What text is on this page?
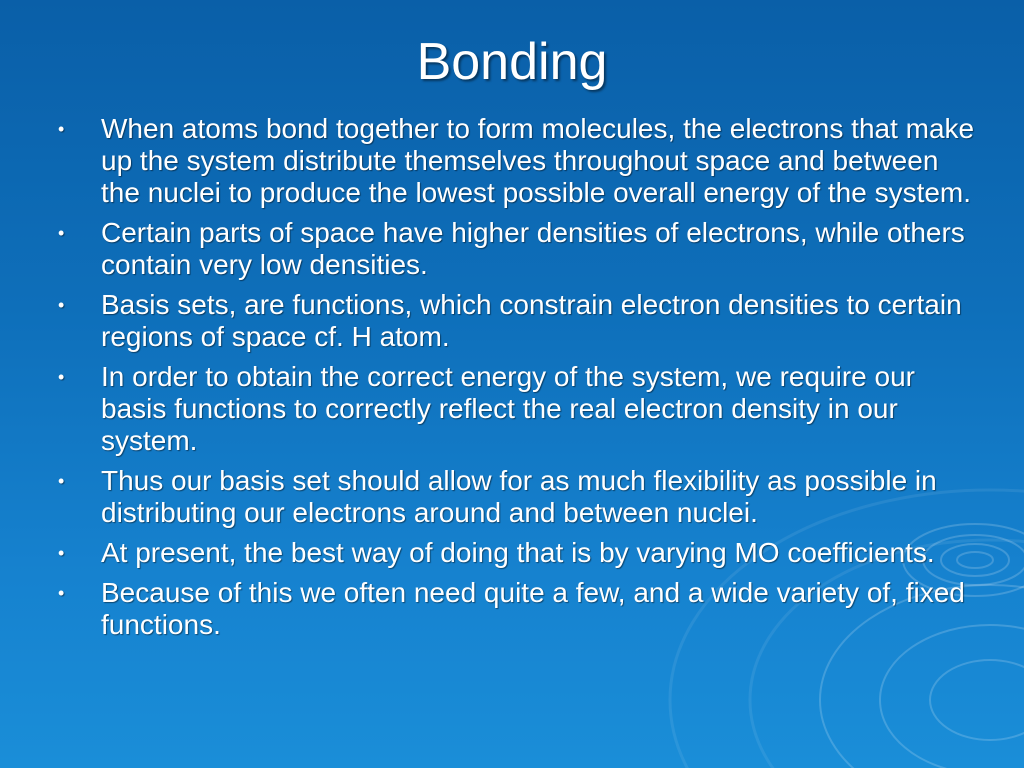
Bonding
• When atoms bond together to form molecules, the electrons that make up the system distribute themselves throughout space and between the nuclei to produce the lowest possible overall energy of the system.
• Certain parts of space have higher densities of electrons, while others contain very low densities.
• Basis sets, are functions, which constrain electron densities to certain regions of space cf. H atom.
• In order to obtain the correct energy of the system, we require our basis functions to correctly reflect the real electron density in our system.
• Thus our basis set should allow for as much flexibility as possible in distributing our electrons around and between nuclei.
• At present, the best way of doing that is by varying MO coefficients.
• Because of this we often need quite a few, and a wide variety of, fixed functions.
